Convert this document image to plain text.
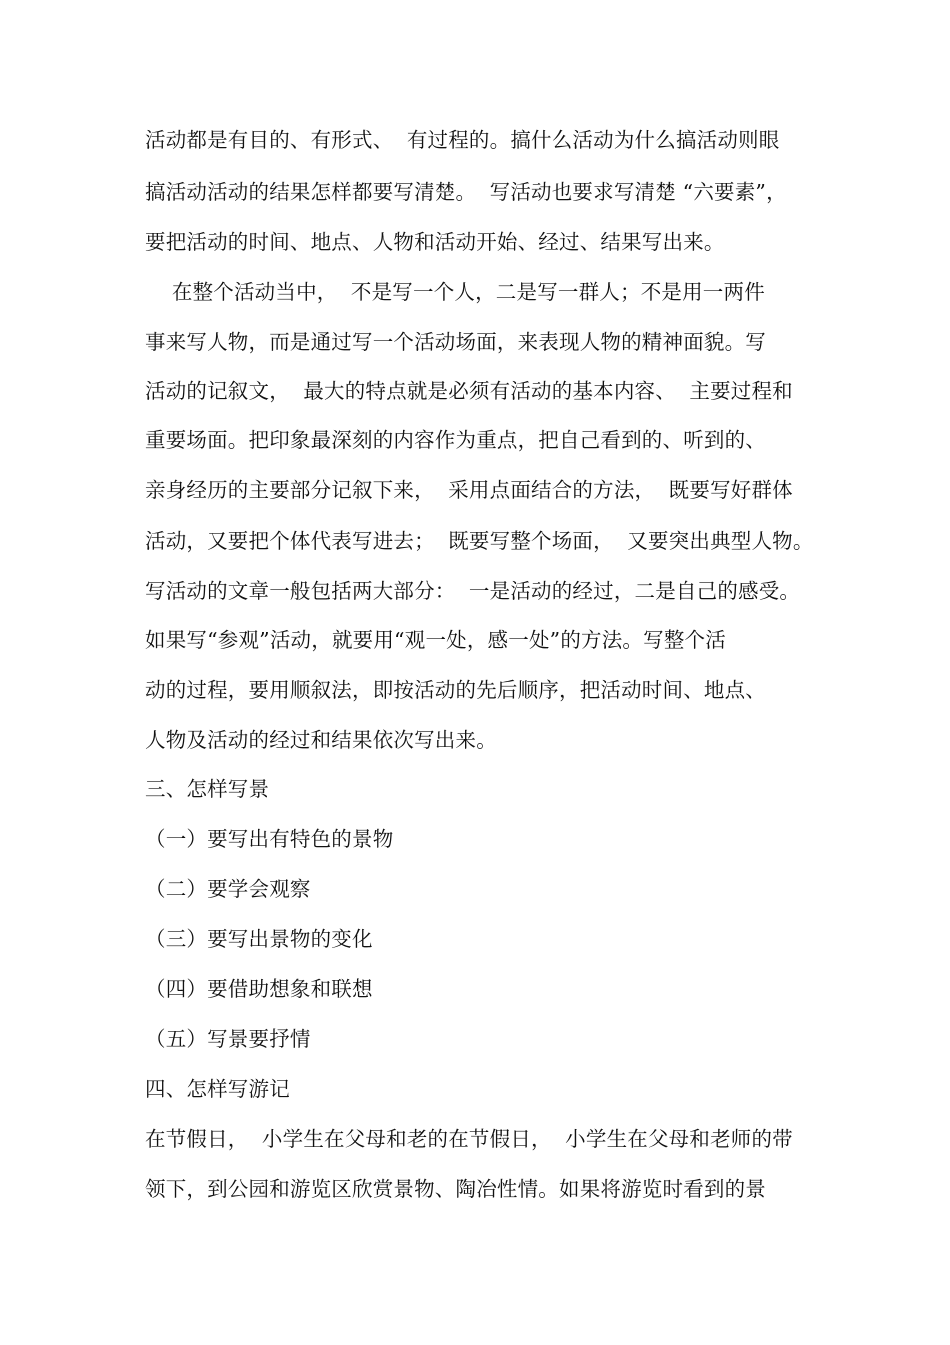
活动都是有目的、有形式、  有过程的。搞什么活动为什么搞活动则眼
搞活动活动的结果怎样都要写清楚。  写活动也要求写清楚 “六要素”，
要把活动的时间、地点、人物和活动开始、经过、结果写出来。
在整个活动当中，  不是写一个人，二是写一群人；不是用一两件
事来写人物，而是通过写一个活动场面，来表现人物的精神面貌。写
活动的记叙文，  最大的特点就是必须有活动的基本内容、  主要过程和
重要场面。把印象最深刻的内容作为重点，把自己看到的、听到的、
亲身经历的主要部分记叙下来，  采用点面结合的方法，  既要写好群体
活动，又要把个体代表写进去；  既要写整个场面，  又要突出典型人物。
写活动的文章一般包括两大部分：  一是活动的经过，二是自己的感受。
如果写“参观”活动，就要用“观一处，感一处”的方法。写整个活
动的过程，要用顺叙法，即按活动的先后顺序，把活动时间、地点、
人物及活动的经过和结果依次写出来。
三、怎样写景
（一）要写出有特色的景物
（二）要学会观察
（三）要写出景物的变化
（四）要借助想象和联想
（五）写景要抒情
四、怎样写游记
在节假日，  小学生在父母和老的在节假日，  小学生在父母和老师的带
领下，到公园和游览区欣赏景物、陶冶性情。如果将游览时看到的景
